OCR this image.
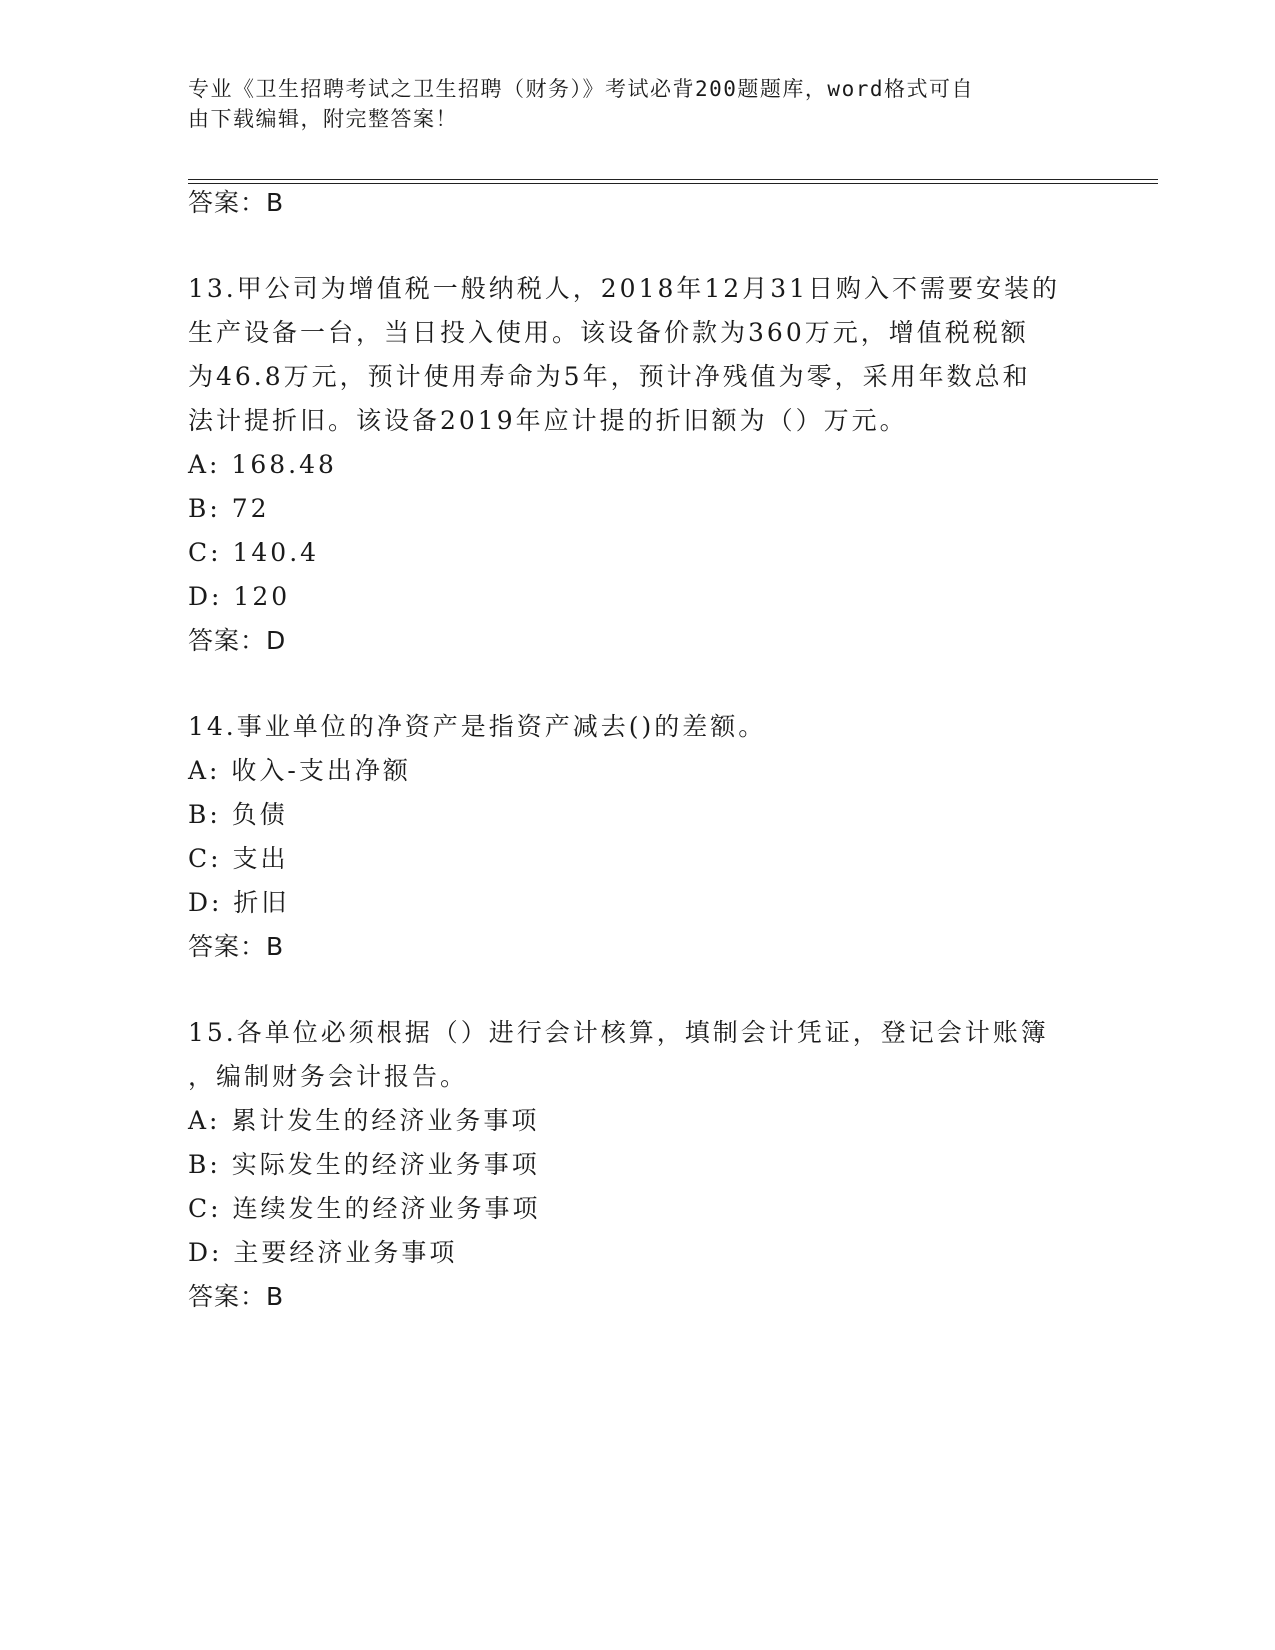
专业《卫生招聘考试之卫生招聘（财务）》考试必背200题题库，word格式可自
由下载编辑，附完整答案！
答案：B
13.甲公司为增值税一般纳税人，2018年12月31日购入不需要安装的
生产设备一台，当日投入使用。该设备价款为360万元，增值税税额
为46.8万元，预计使用寿命为5年，预计净残值为零，采用年数总和
法计提折旧。该设备2019年应计提的折旧额为（）万元。
A: 168.48
B: 72
C: 140.4
D: 120
答案：D
14.事业单位的净资产是指资产减去()的差额。
A: 收入-支出净额
B: 负债
C: 支出
D: 折旧
答案：B
15.各单位必须根据（）进行会计核算，填制会计凭证，登记会计账簿
，编制财务会计报告。
A: 累计发生的经济业务事项
B: 实际发生的经济业务事项
C: 连续发生的经济业务事项
D: 主要经济业务事项
答案：B
